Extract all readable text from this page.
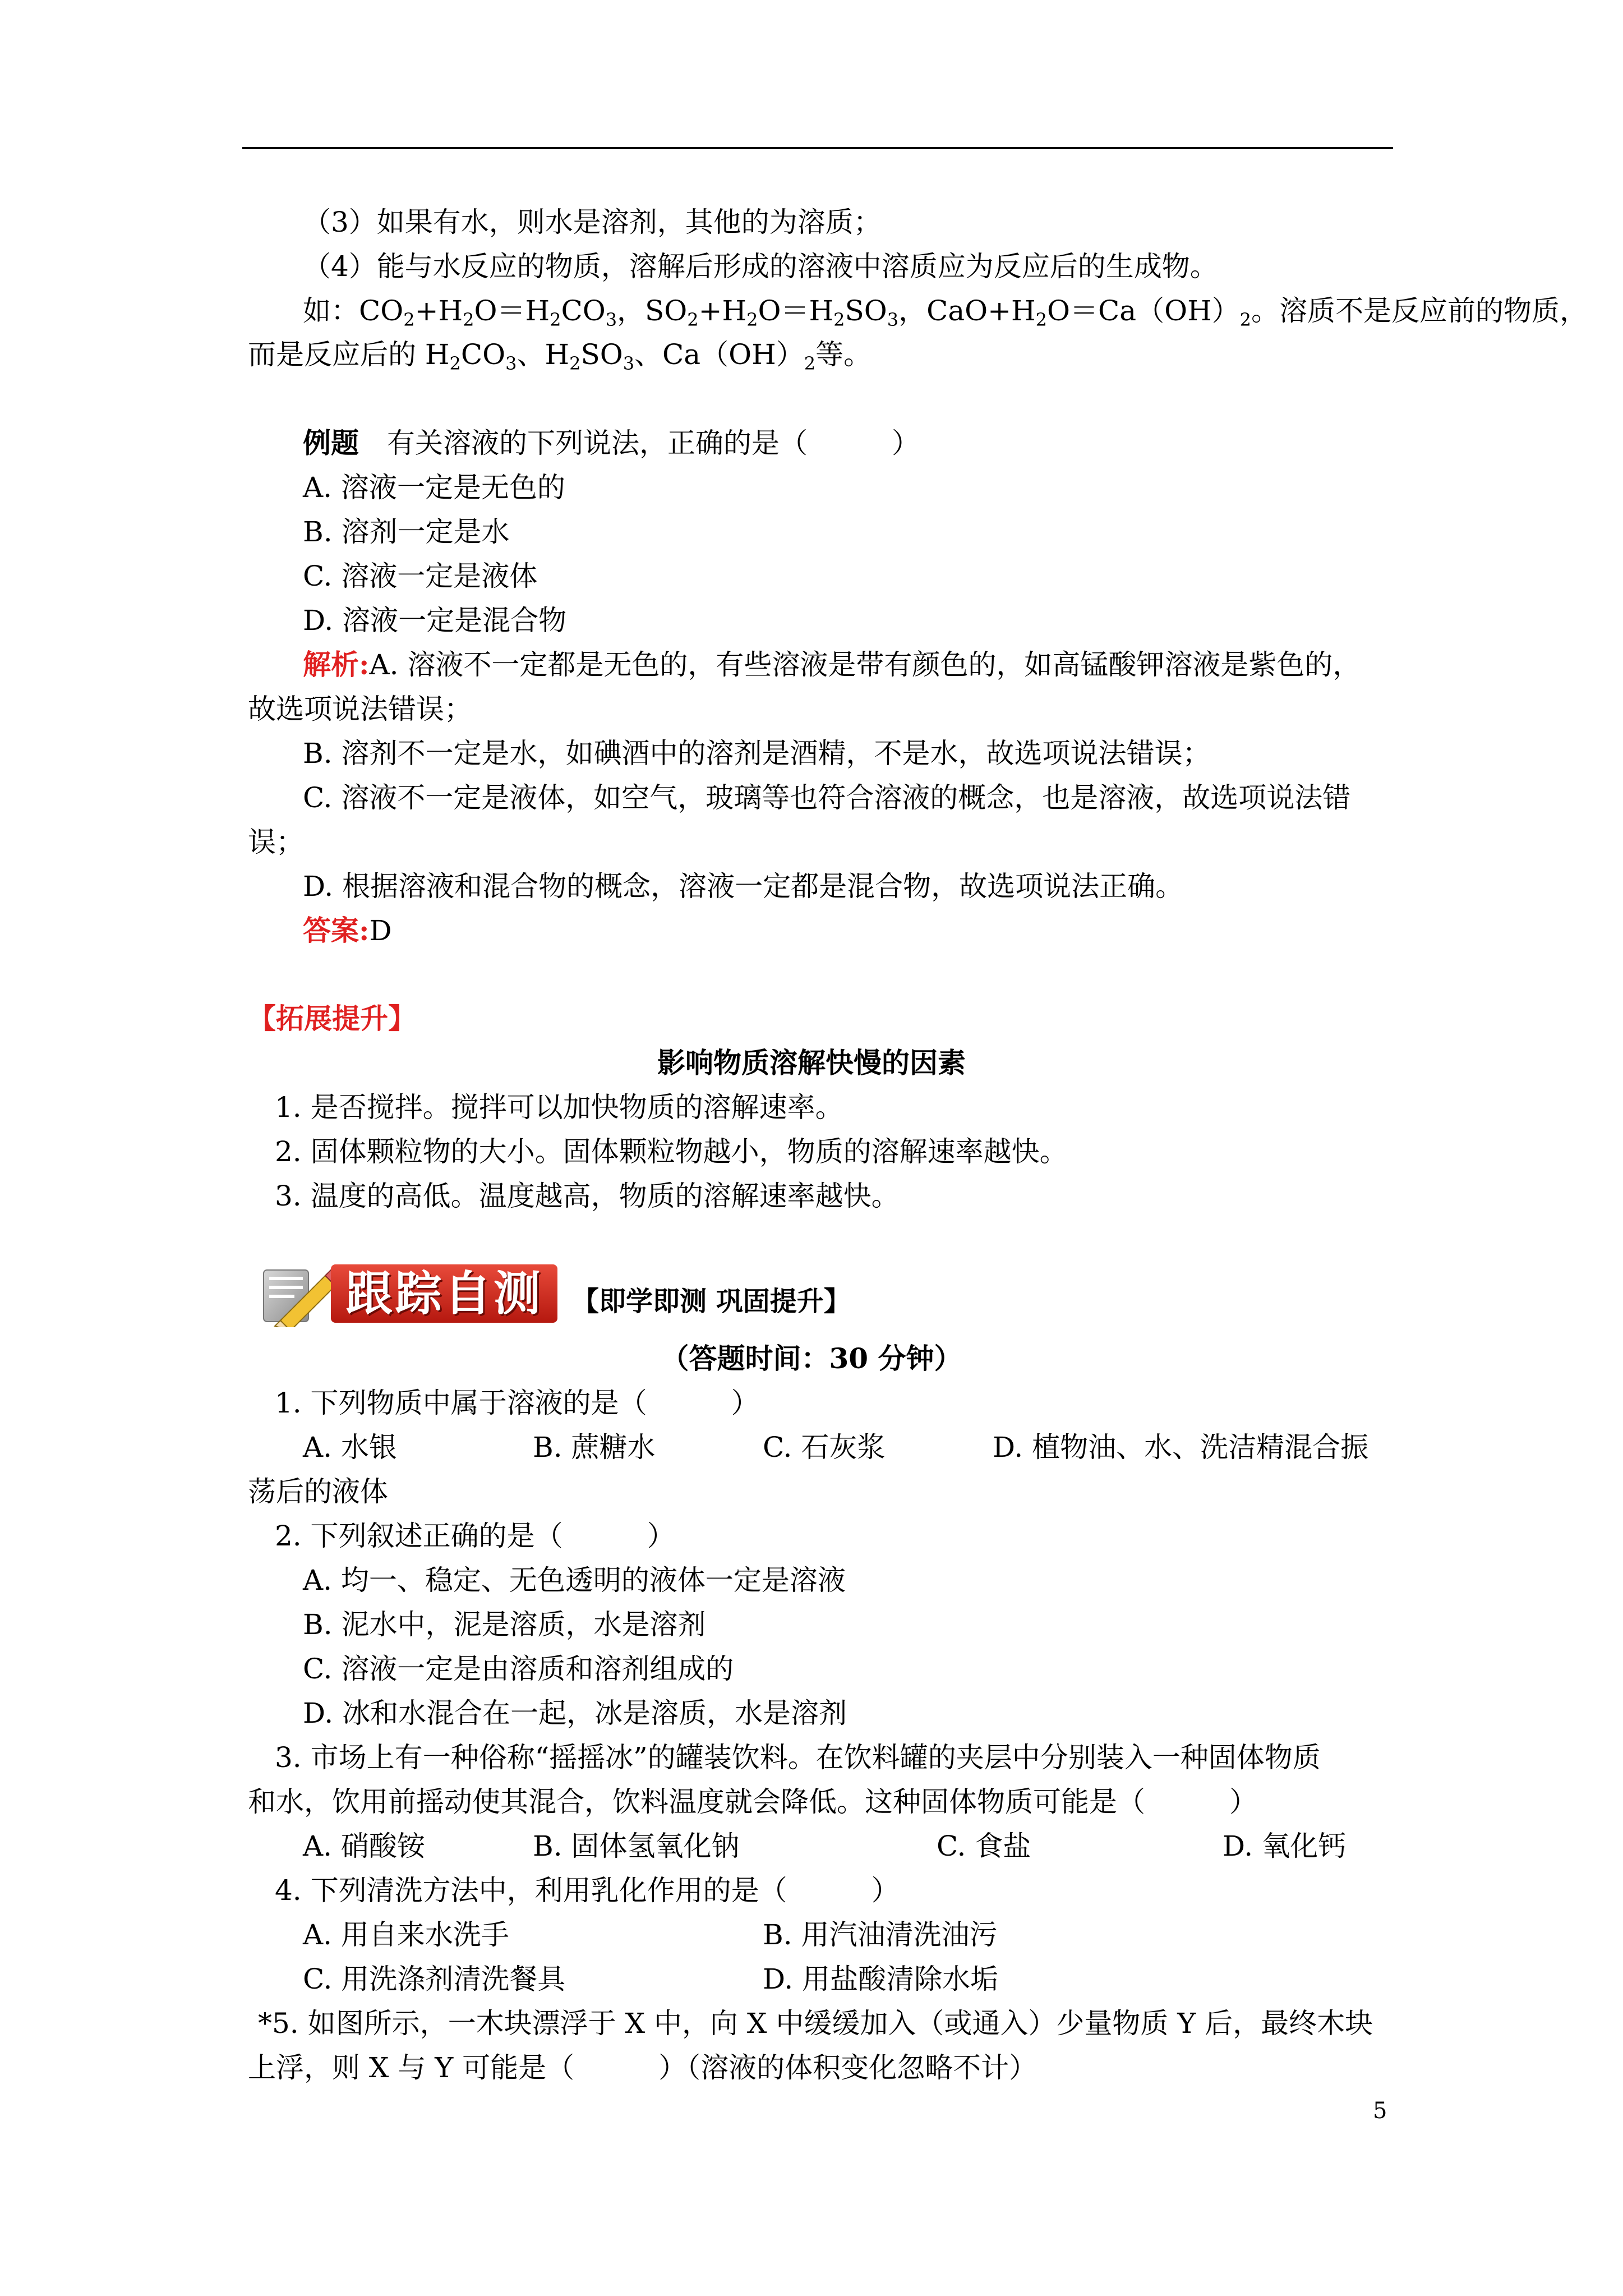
（3）如果有水，则水是溶剂，其他的为溶质；
（4）能与水反应的物质，溶解后形成的溶液中溶质应为反应后的生成物。
如：$CO_2+H_2O=H_2CO_3$，$SO_2+H_2O=H_2SO_3$，$CaO+H_2O=Ca(OH)_2$。溶质不是反应前的物质，
而是反应后的 $H_2CO_3$、$H_2SO_3$、$Ca(OH)_2$等。
例题　 有关溶液的下列说法，正确的是（　　　）
A. 溶液一定是无色的
B. 溶剂一定是水
C. 溶液一定是液体
D. 溶液一定是混合物
解析:A. 溶液不一定都是无色的，有些溶液是带有颜色的，如高锰酸钾溶液是紫色的，
故选项说法错误；
B. 溶剂不一定是水，如碘酒中的溶剂是酒精，不是水，故选项说法错误；
C. 溶液不一定是液体，如空气，玻璃等也符合溶液的概念，也是溶液，故选项说法错
误；
D. 根据溶液和混合物的概念，溶液一定都是混合物，故选项说法正确。
答案:D
【拓展提升】
影响物质溶解快慢的因素
1. 是否搅拌。搅拌可以加快物质的溶解速率。
2. 固体颗粒物的大小。固体颗粒物越小，物质的溶解速率越快。
3. 温度的高低。温度越高，物质的溶解速率越快。
跟踪自测	【即学即测 巩固提升】
（答题时间：30 分钟）
1. 下列物质中属于溶液的是（　　　）
A. 水银	B. 蔗糖水	C. 石灰浆	D. 植物油、水、洗洁精混合振
荡后的液体
2. 下列叙述正确的是（　　　）
A. 均一、稳定、无色透明的液体一定是溶液
B. 泥水中，泥是溶质，水是溶剂
C. 溶液一定是由溶质和溶剂组成的
D. 冰和水混合在一起，冰是溶质，水是溶剂
3. 市场上有一种俗称“摇摇冰”的罐装饮料。在饮料罐的夹层中分别装入一种固体物质
和水，饮用前摇动使其混合，饮料温度就会降低。这种固体物质可能是（　　　）
A. 硝酸铵	B. 固体氢氧化钠	C. 食盐	D. 氧化钙
4. 下列清洗方法中，利用乳化作用的是（　　　）
A. 用自来水洗手	B. 用汽油清洗油污
C. 用洗涤剂清洗餐具	D. 用盐酸清除水垢
*5. 如图所示，一木块漂浮于 X 中，向 X 中缓缓加入（或通入）少量物质 Y 后，最终木块
上浮，则 X 与 Y 可能是（　　　）（溶液的体积变化忽略不计）
5
